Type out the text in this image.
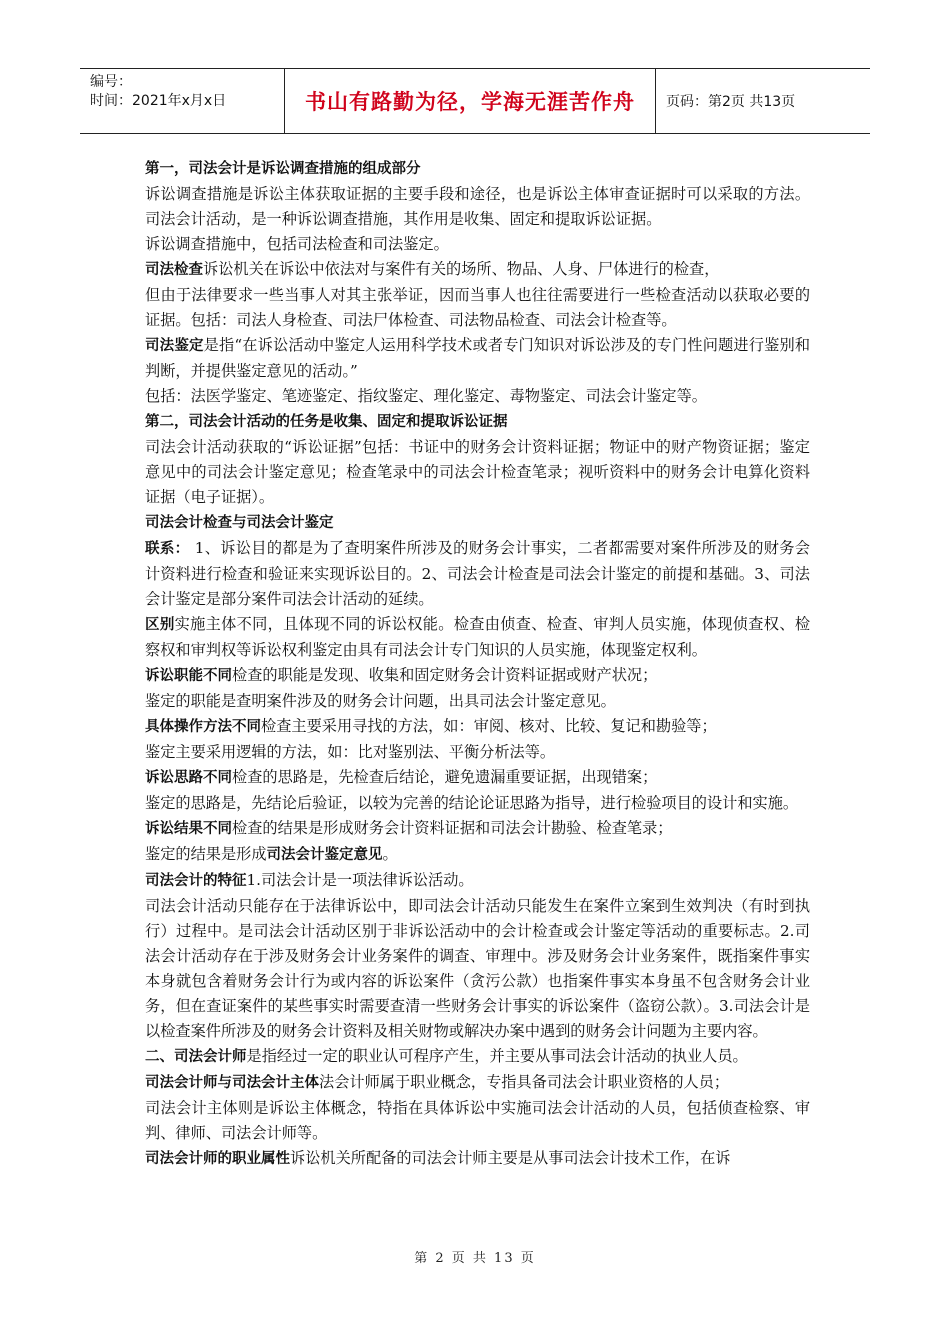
编号：
时间：2021年x月x日	书山有路勤为径，学海无涯苦作舟	页码：第2页 共13页

第一，司法会计是诉讼调查措施的组成部分

诉讼调查措施是诉讼主体获取证据的主要手段和途径，也是诉讼主体审查证据时可以采取的方法。司法会计活动，是一种诉讼调查措施，其作用是收集、固定和提取诉讼证据。

诉讼调查措施中，包括司法检查和司法鉴定。

司法检查诉讼机关在诉讼中依法对与案件有关的场所、物品、人身、尸体进行的检查，

但由于法律要求一些当事人对其主张举证，因而当事人也往往需要进行一些检查活动以获取必要的证据。包括：司法人身检查、司法尸体检查、司法物品检查、司法会计检查等。

司法鉴定是指“在诉讼活动中鉴定人运用科学技术或者专门知识对诉讼涉及的专门性问题进行鉴别和判断，并提供鉴定意见的活动。”

包括：法医学鉴定、笔迹鉴定、指纹鉴定、理化鉴定、毒物鉴定、司法会计鉴定等。

第二，司法会计活动的任务是收集、固定和提取诉讼证据

司法会计活动获取的“诉讼证据”包括：书证中的财务会计资料证据；物证中的财产物资证据；鉴定意见中的司法会计鉴定意见；检查笔录中的司法会计检查笔录；视听资料中的财务会计电算化资料证据（电子证据）。

司法会计检查与司法会计鉴定

联系： 1、诉讼目的都是为了查明案件所涉及的财务会计事实，二者都需要对案件所涉及的财务会计资料进行检查和验证来实现诉讼目的。2、司法会计检查是司法会计鉴定的前提和基础。3、司法会计鉴定是部分案件司法会计活动的延续。

区别实施主体不同，且体现不同的诉讼权能。检查由侦查、检查、审判人员实施，体现侦查权、检察权和审判权等诉讼权利鉴定由具有司法会计专门知识的人员实施，体现鉴定权利。

诉讼职能不同检查的职能是发现、收集和固定财务会计资料证据或财产状况；

鉴定的职能是查明案件涉及的财务会计问题，出具司法会计鉴定意见。

具体操作方法不同检查主要采用寻找的方法，如：审阅、核对、比较、复记和勘验等；

鉴定主要采用逻辑的方法，如：比对鉴别法、平衡分析法等。

诉讼思路不同检查的思路是，先检查后结论，避免遗漏重要证据，出现错案；

鉴定的思路是，先结论后验证，以较为完善的结论论证思路为指导，进行检验项目的设计和实施。

诉讼结果不同检查的结果是形成财务会计资料证据和司法会计勘验、检查笔录；

鉴定的结果是形成司法会计鉴定意见。

司法会计的特征1.司法会计是一项法律诉讼活动。

司法会计活动只能存在于法律诉讼中，即司法会计活动只能发生在案件立案到生效判决（有时到执行）过程中。是司法会计活动区别于非诉讼活动中的会计检查或会计鉴定等活动的重要标志。2.司法会计活动存在于涉及财务会计业务案件的调查、审理中。涉及财务会计业务案件，既指案件事实本身就包含着财务会计行为或内容的诉讼案件（贪污公款）也指案件事实本身虽不包含财务会计业务，但在查证案件的某些事实时需要查清一些财务会计事实的诉讼案件（盗窃公款）。3.司法会计是以检查案件所涉及的财务会计资料及相关财物或解决办案中遇到的财务会计问题为主要内容。

二、司法会计师是指经过一定的职业认可程序产生，并主要从事司法会计活动的执业人员。

司法会计师与司法会计主体法会计师属于职业概念，专指具备司法会计职业资格的人员；

司法会计主体则是诉讼主体概念，特指在具体诉讼中实施司法会计活动的人员，包括侦查检察、审判、律师、司法会计师等。

司法会计师的职业属性诉讼机关所配备的司法会计师主要是从事司法会计技术工作，在诉

第 2 页 共 13 页
